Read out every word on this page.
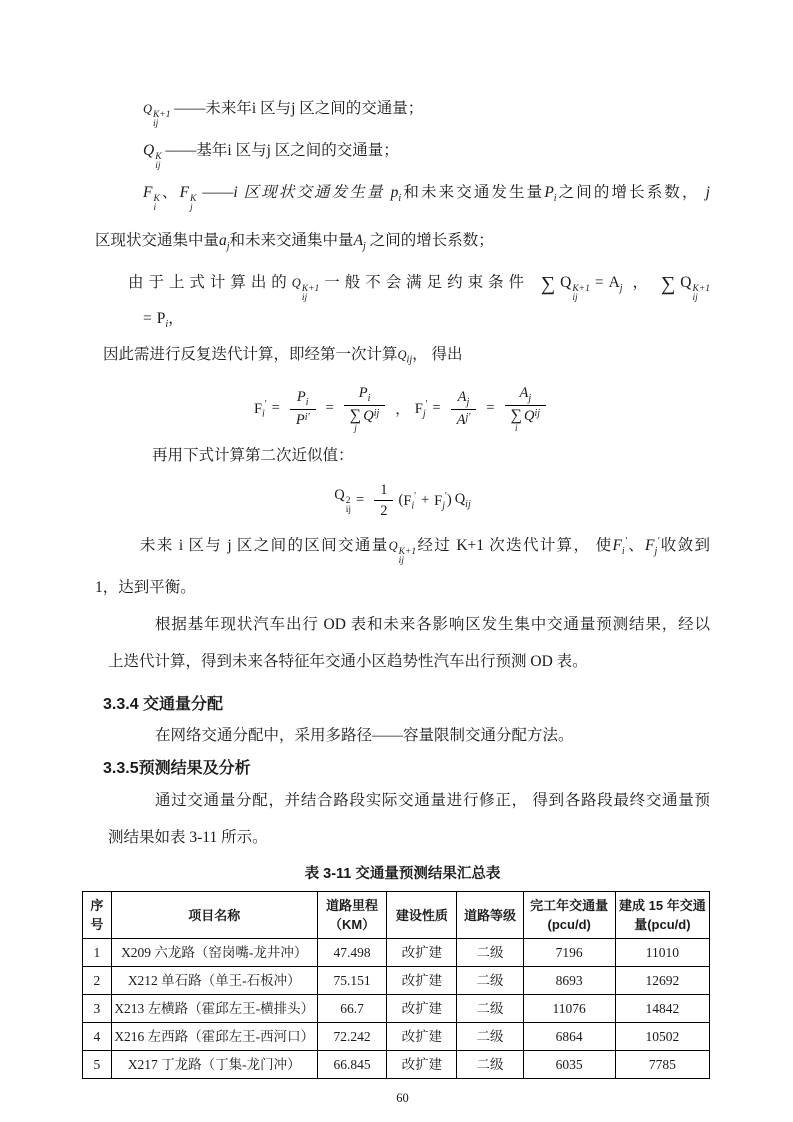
Q K+1
ij
——未来年i 区与j 区之间的交通量；
Q K
ij
——基年i 区与j 区之间的交通量；
F K
i
、F K
j
——i 区现状交通发生量 $p_i$和未来交通发生量$P_i$之间的增长系数， j
区现状交通集中量$a_j$和未来交通集中量$A_j$ 之间的增长系数；
由于上式计算出的Q K+1
ij
一般不会满足约束条件 ∑ Q K+1
ij
= $A_j$ ， ∑ Q K+1
ij
= $P_i$，
因此需进行反复迭代计算，即经第一次计算$Q_{ij}$， 得出
$F_i' = \frac{P_i}{\text{P i '}} = P_i$
∑
j
Q ij ， $F_j' = \frac{A_j}{\text{A j '}} = A_j$
∑
i
Q ij
再用下式计算第二次近似值：
Q 2
ij
= $\frac{1}{2}$ ( $F_i' + F_j'$ ) $Q_{ij}$
未来 i 区与 j 区之间的区间交通量Q K+1
ij
经过 K+1 次迭代计算， 使$F_i'$、$F_j'$收敛到
1，达到平衡。
根据基年现状汽车出行 OD 表和未来各影响区发生集中交通量预测结果，经以
上迭代计算，得到未来各特征年交通小区趋势性汽车出行预测 OD 表。
3.3.4 交通量分配
在网络交通分配中，采用多路径——容量限制交通分配方法。
3.3.5预测结果及分析
通过交通量分配，并结合路段实际交通量进行修正， 得到各路段最终交通量预
测结果如表 3-11 所示。
表 3-11 交通量预测结果汇总表
序号	项目名称	道路里程（KM）	建设性质	道路等级	完工年交通量 (pcu/d)	建成 15 年交通量(pcu/d)
1	X209 六龙路（窑岗嘴-龙井冲）	47.498	改扩建	二级	7196	11010
2	X212 单石路（单王-石板冲）	75.151	改扩建	二级	8693	12692
3	X213 左横路（霍邱左王-横排头）	66.7	改扩建	二级	11076	14842
4	X216 左西路（霍邱左王-西河口）	72.242	改扩建	二级	6864	10502
5	X217 丁龙路（丁集-龙门冲）	66.845	改扩建	二级	6035	7785
60
